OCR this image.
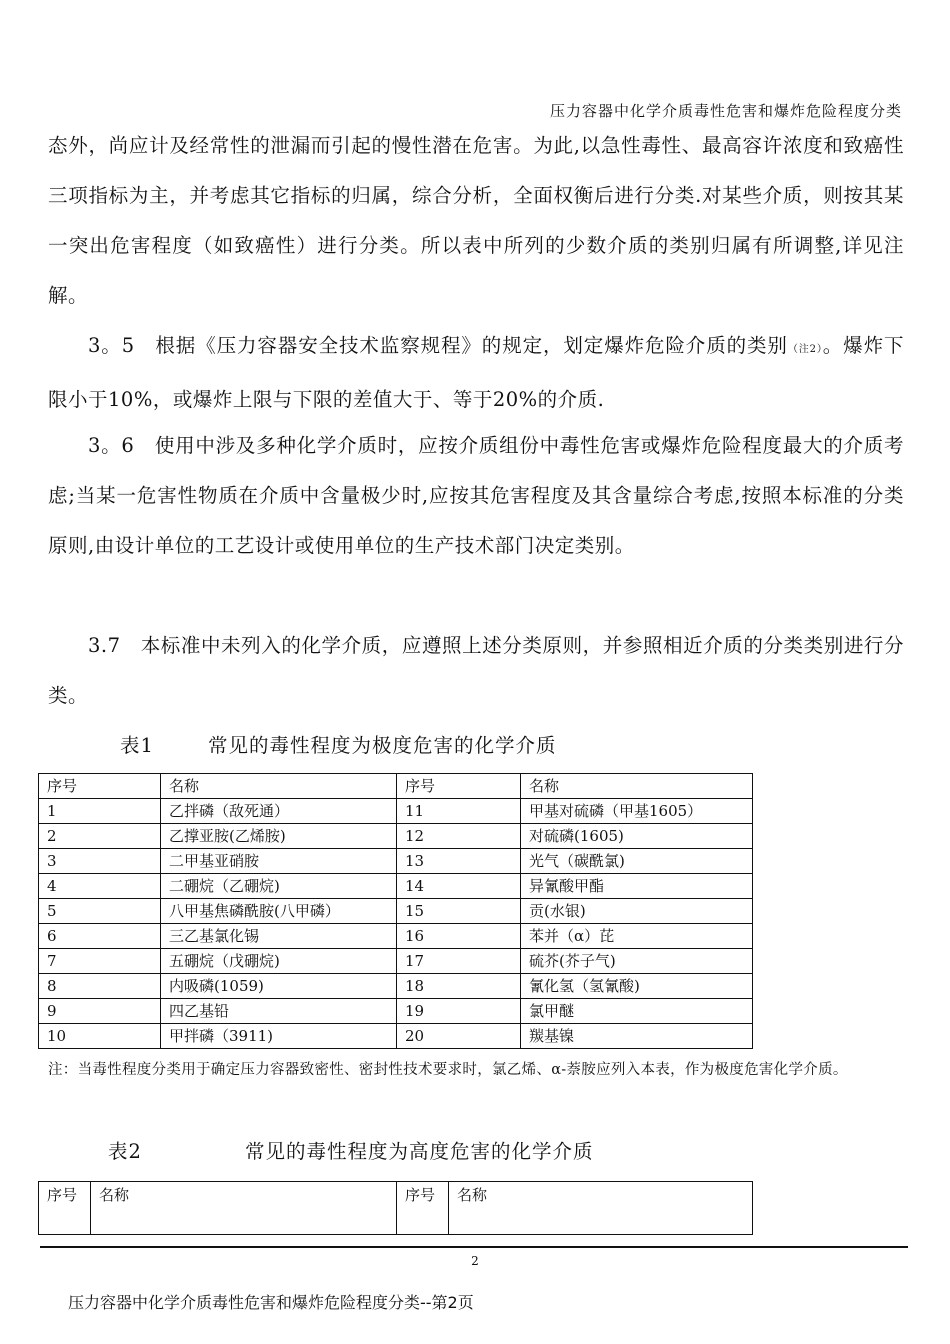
压力容器中化学介质毒性危害和爆炸危险程度分类
态外，尚应计及经常性的泄漏而引起的慢性潜在危害。为此,以急性毒性、最高容许浓度和致癌性三项指标为主，并考虑其它指标的归属，综合分析，全面权衡后进行分类.对某些介质，则按其某一突出危害程度（如致癌性）进行分类。所以表中所列的少数介质的类别归属有所调整,详见注解。
3。5　根据《压力容器安全技术监察规程》的规定，划定爆炸危险介质的类别（注2）。爆炸下限小于10%，或爆炸上限与下限的差值大于、等于20%的介质.
3。6　使用中涉及多种化学介质时，应按介质组份中毒性危害或爆炸危险程度最大的介质考虑;当某一危害性物质在介质中含量极少时,应按其危害程度及其含量综合考虑,按照本标准的分类原则,由设计单位的工艺设计或使用单位的生产技术部门决定类别。
3.7　本标准中未列入的化学介质，应遵照上述分类原则，并参照相近介质的分类类别进行分类。
表1	常见的毒性程度为极度危害的化学介质
序号	名称	序号	名称
1	乙拌磷（敌死通）	11	甲基对硫磷（甲基1605）
2	乙撑亚胺(乙烯胺)	12	对硫磷(1605)
3	二甲基亚硝胺	13	光气（碳酰氯)
4	二硼烷（乙硼烷)	14	异氰酸甲酯
5	八甲基焦磷酰胺(八甲磷）	15	贡(水银)
6	三乙基氯化锡	16	苯并（α）芘
7	五硼烷（戊硼烷)	17	硫芥(芥子气)
8	内吸磷(1059)	18	氰化氢（氢氰酸)
9	四乙基铅	19	氯甲醚
10	甲拌磷（3911)	20	羰基镍
注：当毒性程度分类用于确定压力容器致密性、密封性技术要求时，氯乙烯、α-萘胺应列入本表，作为极度危害化学介质。
表2	常见的毒性程度为高度危害的化学介质
序号	名称	序号	名称
2
压力容器中化学介质毒性危害和爆炸危险程度分类--第2页
